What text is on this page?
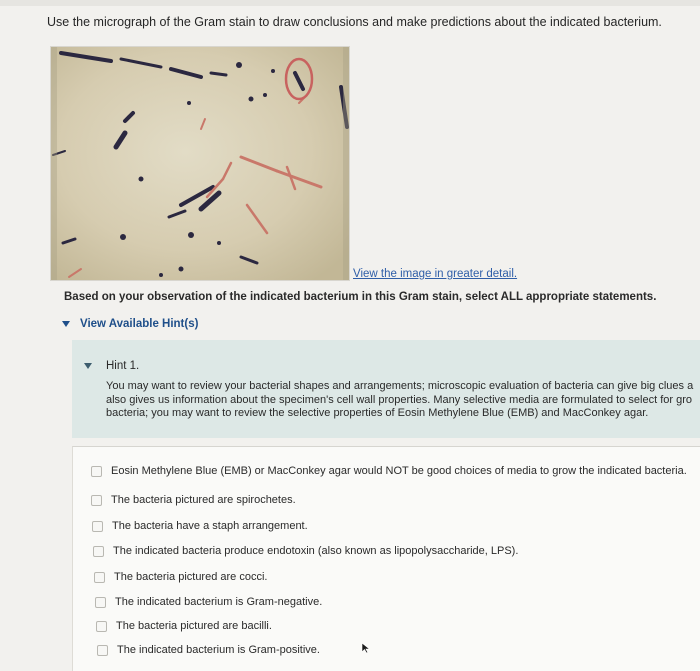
Use the micrograph of the Gram stain to draw conclusions and make predictions about the indicated bacterium.
View the image in greater detail.
Based on your observation of the indicated bacterium in this Gram stain, select ALL appropriate statements.
View Available Hint(s)
Hint 1.
You may want to review your bacterial shapes and arrangements; microscopic evaluation of bacteria can give big clues a
also gives us information about the specimen's cell wall properties. Many selective media are formulated to select for gro
bacteria; you may want to review the selective properties of Eosin Methylene Blue (EMB) and MacConkey agar.
Eosin Methylene Blue (EMB) or MacConkey agar would NOT be good choices of media to grow the indicated bacteria.
The bacteria pictured are spirochetes.
The bacteria have a staph arrangement.
The indicated bacteria produce endotoxin (also known as lipopolysaccharide, LPS).
The bacteria pictured are cocci.
The indicated bacterium is Gram-negative.
The bacteria pictured are bacilli.
The indicated bacterium is Gram-positive.
